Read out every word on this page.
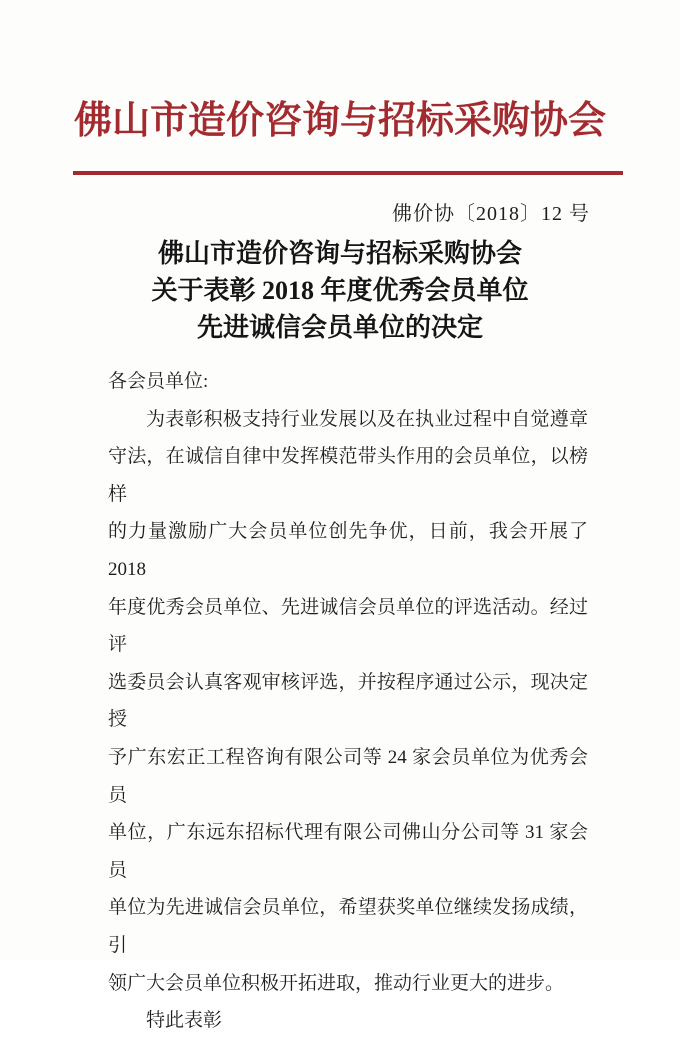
佛山市造价咨询与招标采购协会
佛价协〔2018〕12 号
佛山市造价咨询与招标采购协会
关于表彰 2018 年度优秀会员单位
先进诚信会员单位的决定
各会员单位:
为表彰积极支持行业发展以及在执业过程中自觉遵章
守法，在诚信自律中发挥模范带头作用的会员单位，以榜样
的力量激励广大会员单位创先争优，日前，我会开展了 2018
年度优秀会员单位、先进诚信会员单位的评选活动。经过评
选委员会认真客观审核评选，并按程序通过公示，现决定授
予广东宏正工程咨询有限公司等 24 家会员单位为优秀会员
单位，广东远东招标代理有限公司佛山分公司等 31 家会员
单位为先进诚信会员单位，希望获奖单位继续发扬成绩，引
领广大会员单位积极开拓进取，推动行业更大的进步。
特此表彰
